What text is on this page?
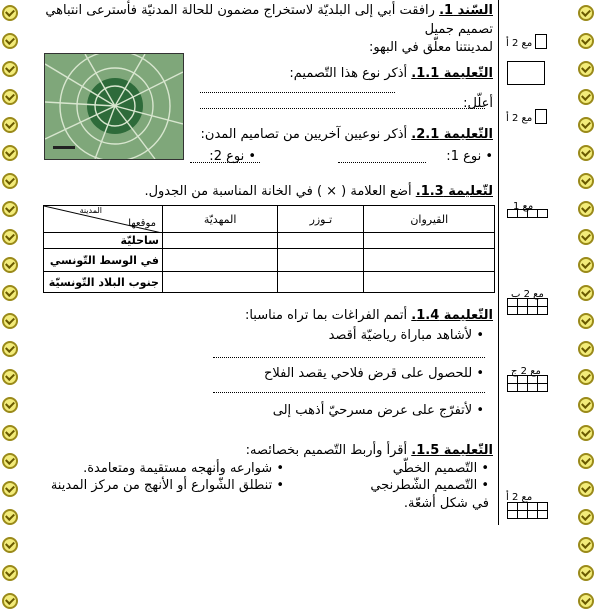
السّند 1. رافقت أبي إلى البلديّة لاستخراج مضمون للحالة المدنيّة فأسترعى انتباهي
تصميم جميل
لمدينتنا معلّق في البهو:
التّعليمة 1.1. أذكر نوع هذا التّصميم:
أعلّل:
التّعليمة 2.1. أذكر نوعيين آخريين من تصاميم المدن:
• نوع 1:
• نوع 2:
لتّعليمة 1.3. أضع العلامة ( × ) في الخانة المناسبة من الجدول.
المدينة
موقعها	المهديّة	تـوزر	القيروان
ساحليّة			
في الوسط التّونسي			
جنوب البلاد التّونسيّة			
التّعليمة 1.4. أتمم الفراغات بما تراه مناسبا:
• لأشاهد مباراة رياضيّة أقصد
• للحصول على قرض فلاحي يقصد الفلاح
• لأتفرّج على عرض مسرحيّ أذهب إلى
التّعليمة 1.5. أقرأ وأربط التّصميم بخصائصه:
• التّصميم الخطّي
• التّصميم الشّطرنجي
• شوارعه وأنهجه مستقيمة ومتعامدة.
• تنطلق الشّوارع أو الأنهج من مركز المدينة
في شكل أشعّة.
مع 2 أ
مع 2 أ
مع 1

مع 2 ب

مع 2 ج

مع 2 أ
